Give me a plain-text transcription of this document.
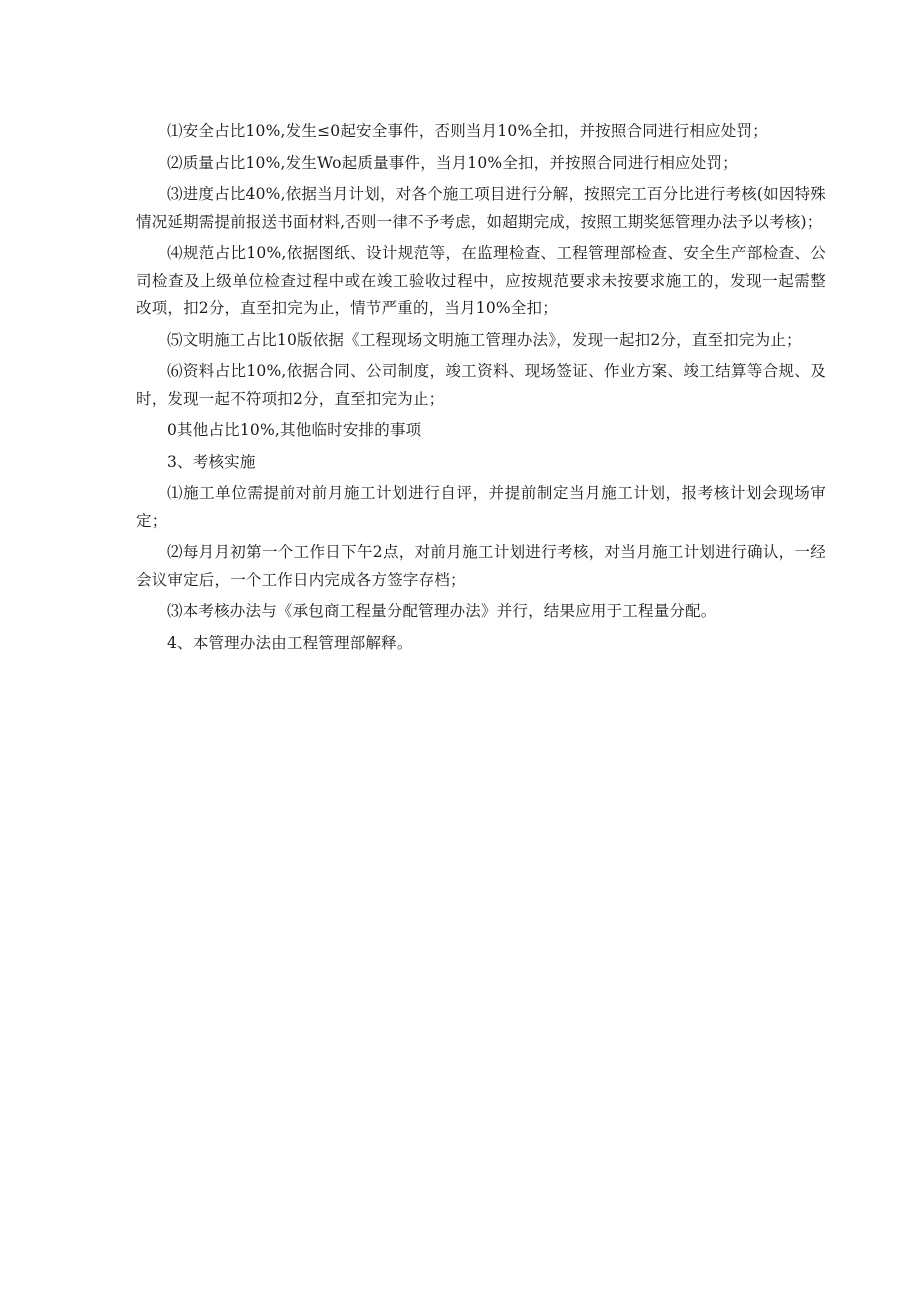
⑴安全占比10%,发生≤0起安全事件，否则当月10%全扣，并按照合同进行相应处罚；

⑵质量占比10%,发生Wo起质量事件，当月10%全扣，并按照合同进行相应处罚；

⑶进度占比40%,依据当月计划，对各个施工项目进行分解，按照完工百分比进行考核(如因特殊情况延期需提前报送书面材料,否则一律不予考虑，如超期完成，按照工期奖惩管理办法予以考核)；

⑷规范占比10%,依据图纸、设计规范等，在监理检查、工程管理部检查、安全生产部检查、公司检查及上级单位检查过程中或在竣工验收过程中，应按规范要求未按要求施工的，发现一起需整改项，扣2分，直至扣完为止，情节严重的，当月10%全扣；

⑸文明施工占比10版依据《工程现场文明施工管理办法》，发现一起扣2分，直至扣完为止；

⑹资料占比10%,依据合同、公司制度，竣工资料、现场签证、作业方案、竣工结算等合规、及时，发现一起不符项扣2分，直至扣完为止；

0其他占比10%,其他临时安排的事项

3、考核实施

⑴施工单位需提前对前月施工计划进行自评，并提前制定当月施工计划，报考核计划会现场审定；

⑵每月月初第一个工作日下午2点，对前月施工计划进行考核，对当月施工计划进行确认，一经会议审定后，一个工作日内完成各方签字存档；

⑶本考核办法与《承包商工程量分配管理办法》并行，结果应用于工程量分配。

4、本管理办法由工程管理部解释。
